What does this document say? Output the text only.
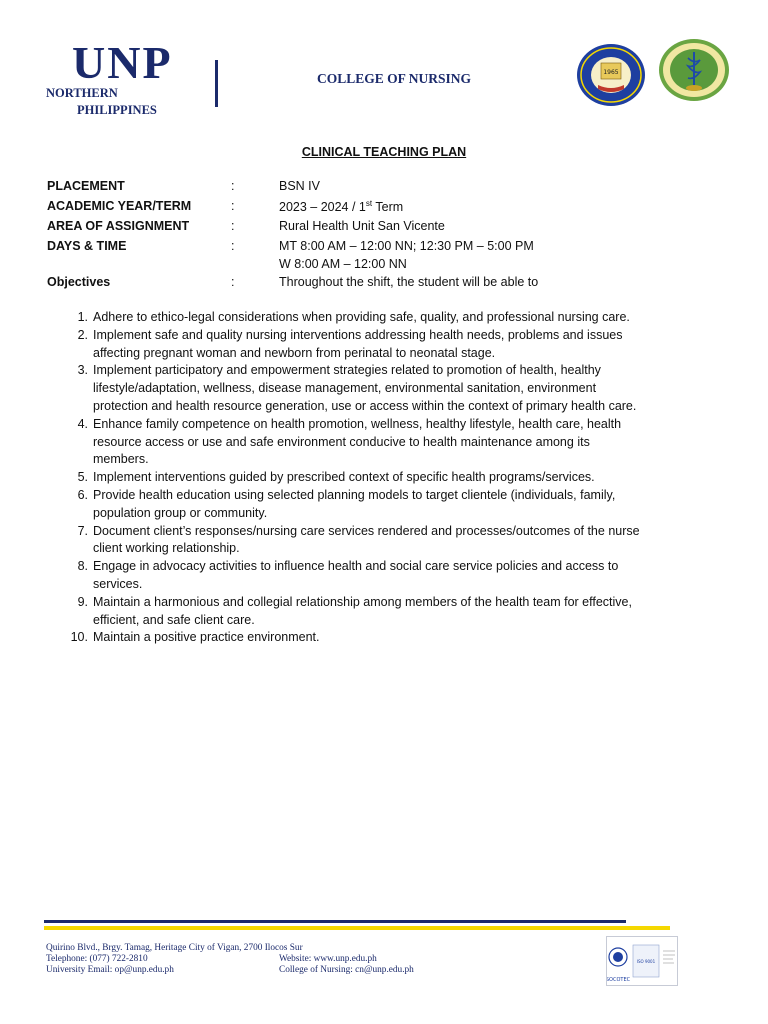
UNP
NORTHERN
PHILIPPINES
COLLEGE OF NURSING	1965
CLINICAL TEACHING PLAN
PLACEMENT	:	BSN IV
ACADEMIC YEAR/TERM	:	2023 – 2024 / 1st Term
AREA OF ASSIGNMENT	:	Rural Health Unit San Vicente
DAYS & TIME	:	MT 8:00 AM – 12:00 NN; 12:30 PM – 5:00 PM
W 8:00 AM – 12:00 NN
Objectives	:	Throughout the shift, the student will be able to
1. Adhere to ethico-legal considerations when providing safe, quality, and professional nursing care.
2. Implement safe and quality nursing interventions addressing health needs, problems and issues
affecting pregnant woman and newborn from perinatal to neonatal stage.
3. Implement participatory and empowerment strategies related to promotion of health, healthy
lifestyle/adaptation, wellness, disease management, environmental sanitation, environment
protection and health resource generation, use or access within the context of primary health care.
4. Enhance family competence on health promotion, wellness, healthy lifestyle, health care, health
resource access or use and safe environment conducive to health maintenance among its
members.
5. Implement interventions guided by prescribed context of specific health programs/services.
6. Provide health education using selected planning models to target clientele (individuals, family,
population group or community.
7. Document client’s responses/nursing care services rendered and processes/outcomes of the nurse
client working relationship.
8. Engage in advocacy activities to influence health and social care service policies and access to
services.
9. Maintain a harmonious and collegial relationship among members of the health team for effective,
efficient, and safe client care.
10. Maintain a positive practice environment.
Quirino Blvd., Brgy. Tamag, Heritage City of Vigan, 2700 Ilocos Sur
Telephone: (077) 722-2810
University Email: op@unp.edu.ph
Website: www.unp.edu.ph
College of Nursing: cn@unp.edu.ph
SOCOTEC
ISO 9001
